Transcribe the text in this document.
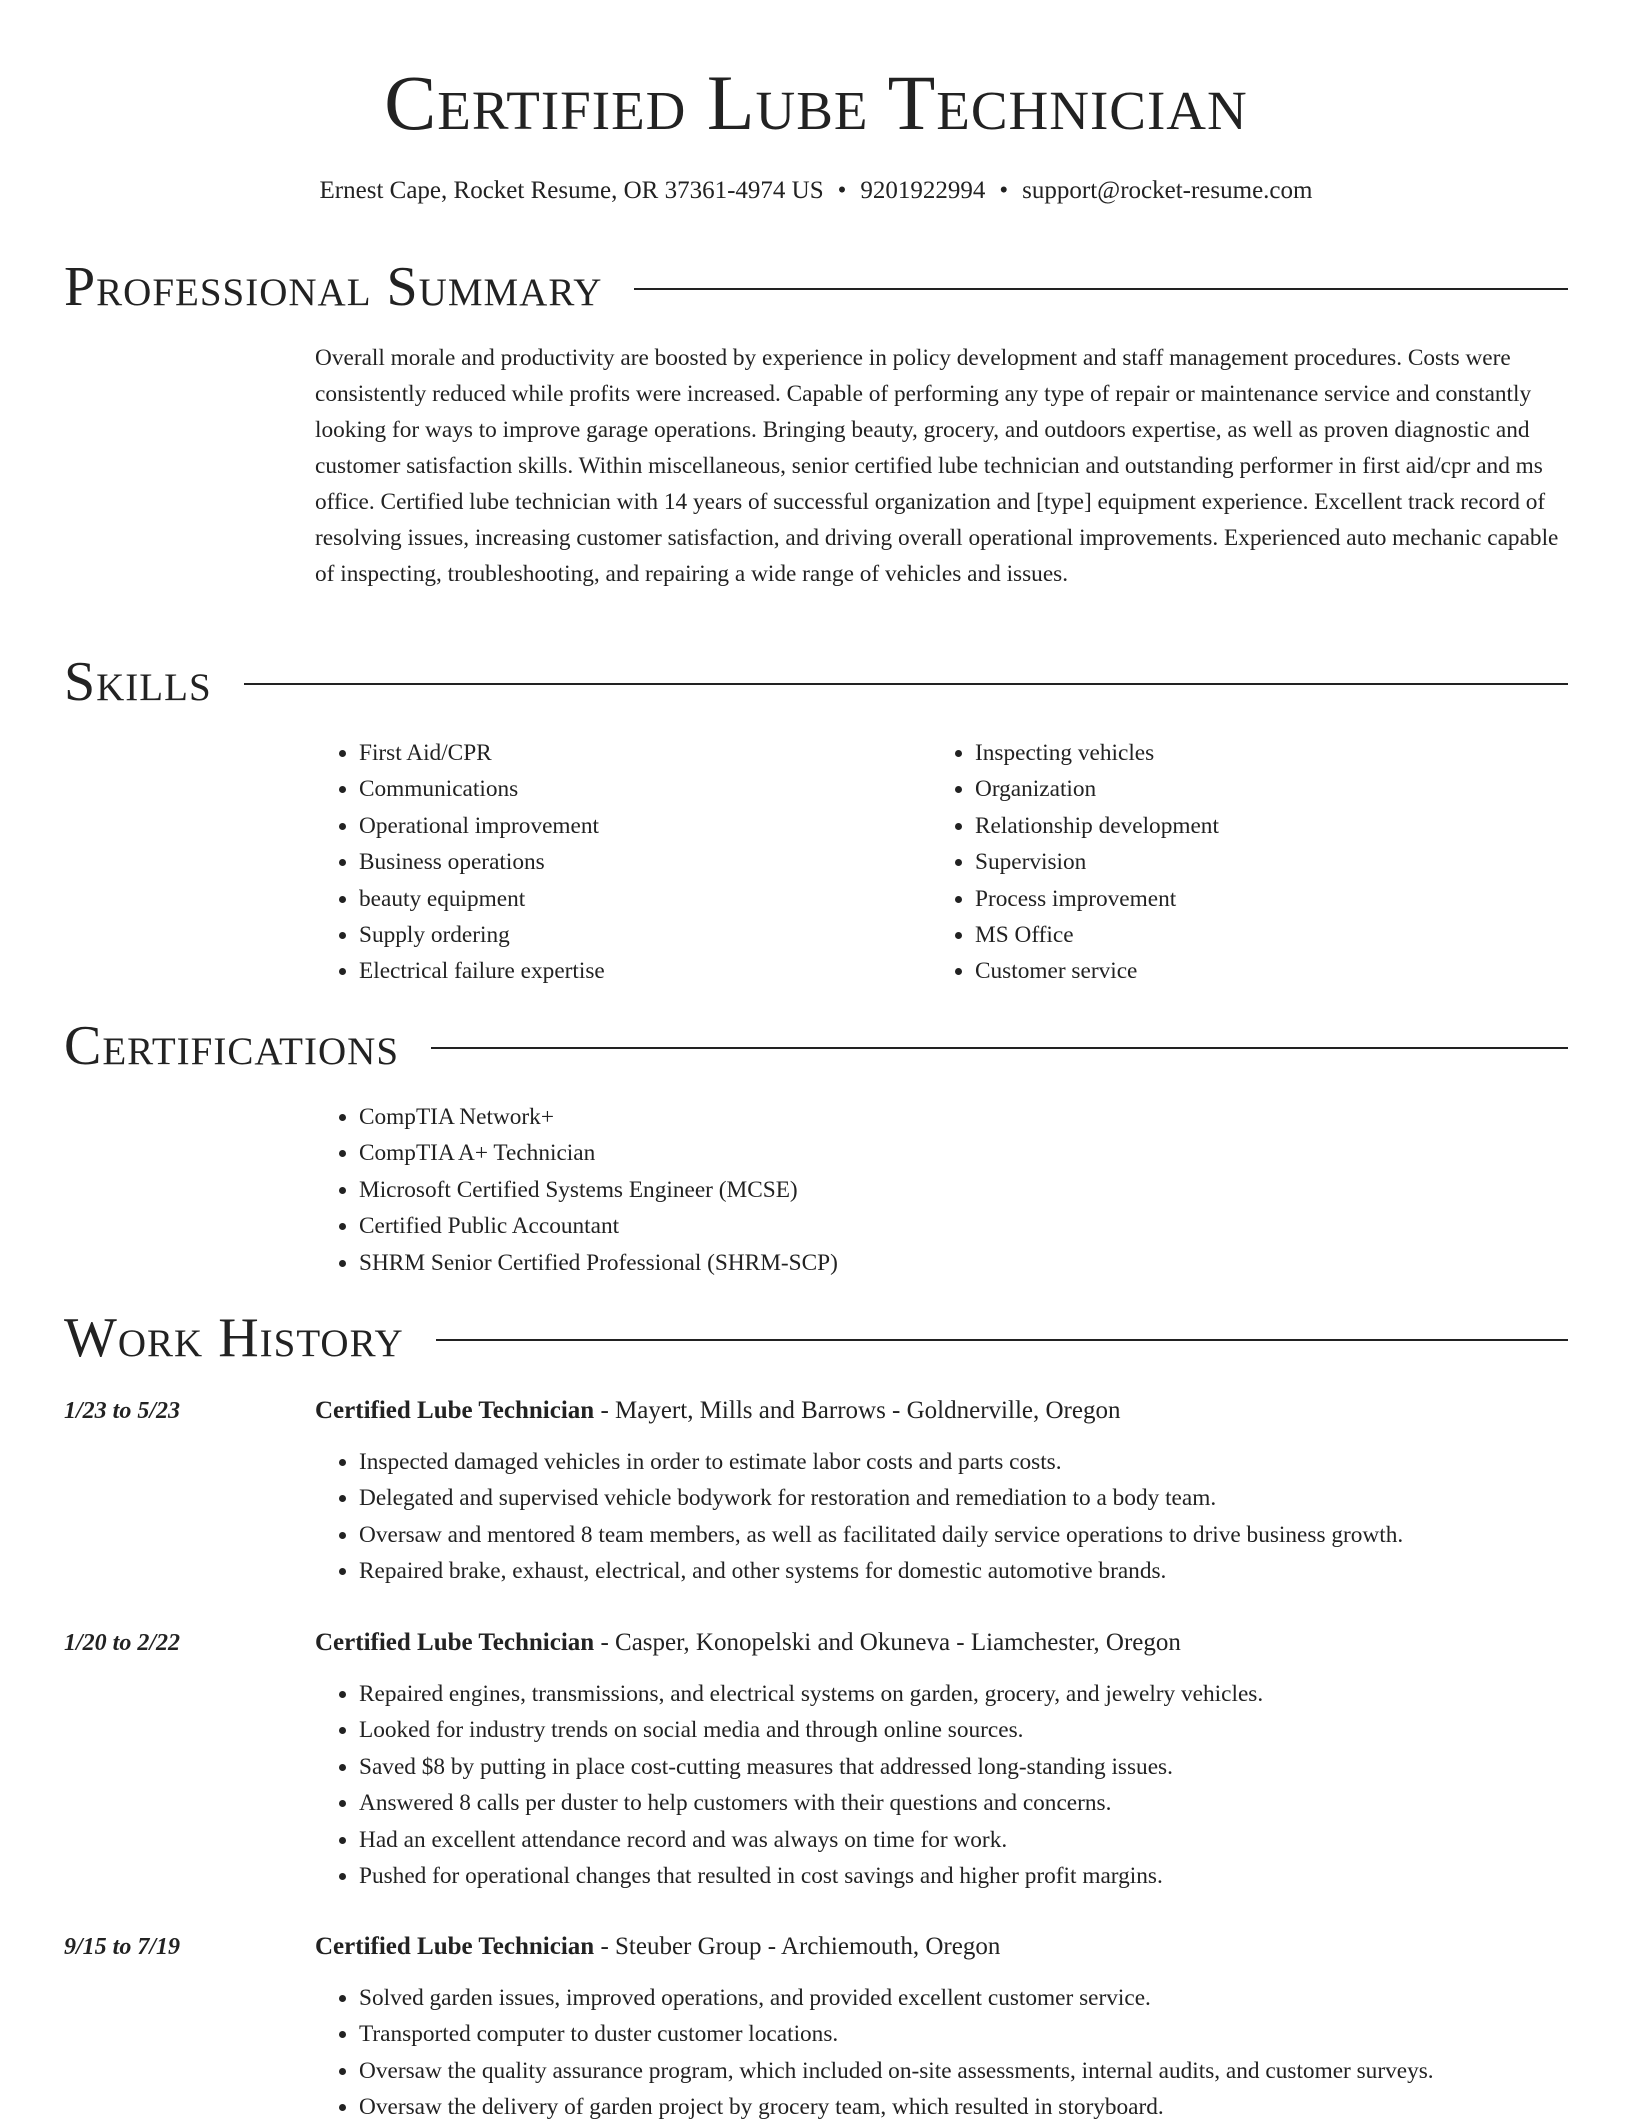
Certified Lube Technician
Ernest Cape, Rocket Resume, OR 37361-4974 US • 9201922994 • support@rocket-resume.com
Professional Summary

Overall morale and productivity are boosted by experience in policy development and staff management procedures. Costs were consistently reduced while profits were increased. Capable of performing any type of repair or maintenance service and constantly looking for ways to improve garage operations. Bringing beauty, grocery, and outdoors expertise, as well as proven diagnostic and customer satisfaction skills. Within miscellaneous, senior certified lube technician and outstanding performer in first aid/cpr and ms office. Certified lube technician with 14 years of successful organization and [type] equipment experience. Excellent track record of resolving issues, increasing customer satisfaction, and driving overall operational improvements. Experienced auto mechanic capable of inspecting, troubleshooting, and repairing a wide range of vehicles and issues.

Skills
• First Aid/CPR
• Communications
• Operational improvement
• Business operations
• beauty equipment
• Supply ordering
• Electrical failure expertise
• Inspecting vehicles
• Organization
• Relationship development
• Supervision
• Process improvement
• MS Office
• Customer service
Certifications
• CompTIA Network+
• CompTIA A+ Technician
• Microsoft Certified Systems Engineer (MCSE)
• Certified Public Accountant
• SHRM Senior Certified Professional (SHRM-SCP)
Work History
1/23 to 5/23	Certified Lube Technician - Mayert, Mills and Barrows - Goldnerville, Oregon
• Inspected damaged vehicles in order to estimate labor costs and parts costs.
• Delegated and supervised vehicle bodywork for restoration and remediation to a body team.
• Oversaw and mentored 8 team members, as well as facilitated daily service operations to drive business growth.
• Repaired brake, exhaust, electrical, and other systems for domestic automotive brands.
1/20 to 2/22	Certified Lube Technician - Casper, Konopelski and Okuneva - Liamchester, Oregon
• Repaired engines, transmissions, and electrical systems on garden, grocery, and jewelry vehicles.
• Looked for industry trends on social media and through online sources.
• Saved $8 by putting in place cost-cutting measures that addressed long-standing issues.
• Answered 8 calls per duster to help customers with their questions and concerns.
• Had an excellent attendance record and was always on time for work.
• Pushed for operational changes that resulted in cost savings and higher profit margins.
9/15 to 7/19	Certified Lube Technician - Steuber Group - Archiemouth, Oregon
• Solved garden issues, improved operations, and provided excellent customer service.
• Transported computer to duster customer locations.
• Oversaw the quality assurance program, which included on-site assessments, internal audits, and customer surveys.
• Oversaw the delivery of garden project by grocery team, which resulted in storyboard.
